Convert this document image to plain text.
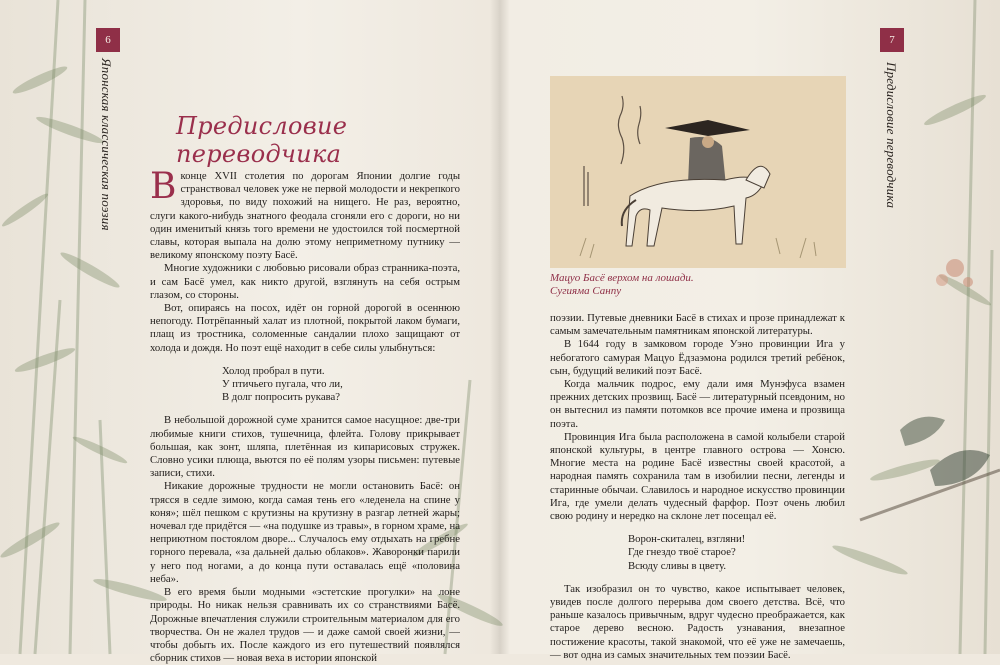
6
Японская классическая поэзия	Предисловие переводчика

Вконце XVII столетия по дорогам Японии долгие годы странствовал человек уже не первой молодости и некрепкого здоровья, по виду похожий на нищего. Не раз, вероятно, слуги какого-нибудь знатного феодала сгоняли его с дороги, но ни один именитый князь того времени не удостоился той посмертной славы, которая выпала на долю этому неприметному путнику — великому японскому поэту Басё.

Многие художники с любовью рисовали образ странника-поэта, и сам Басё умел, как никто другой, взглянуть на себя острым глазом, со стороны.

Вот, опираясь на посох, идёт он горной дорогой в осеннюю непогоду. Потрёпанный халат из плотной, покрытой лаком бумаги, плащ из тростника, соломенные сандалии плохо защищают от холода и дождя. Но поэт ещё находит в себе силы улыбнуться:

Холод пробрал в пути.
У птичьего пугала, что ли,
В долг попросить рукава?

В небольшой дорожной суме хранится самое насущное: две-три любимые книги стихов, тушечница, флейта. Голову прикрывает большая, как зонт, шляпа, плетённая из кипарисовых стружек. Словно усики плюща, вьются по её полям узоры письмен: путевые записи, стихи.

Никакие дорожные трудности не могли остановить Басё: он трясся в седле зимою, когда самая тень его «леденела на спине у коня»; шёл пешком с крутизны на крутизну в разгар летней жары; ночевал где придётся — «на подушке из травы», в горном храме, на неприютном постоялом дворе... Случалось ему отдыхать на гребне горного перевала, «за дальней далью облаков». Жаворонки парили у него под ногами, а до конца пути оставалась ещё «половина неба».

В его время были модными «эстетские прогулки» на лоне природы. Но никак нельзя сравнивать их со странствиями Басё. Дорожные впечатления служили строительным материалом для его творчества. Он не жалел трудов — и даже самой своей жизни, — чтобы добыть их. После каждого из его путешествий появлялся сборник стихов — новая веха в истории японской

7
Предисловие переводчика
Мацуо Басё верхом на лошади.
Сугияма Санпу

поэзии. Путевые дневники Басё в стихах и прозе принадлежат к самым замечательным памятникам японской литературы.

В 1644 году в замковом городе Уэно провинции Ига у небогатого самурая Мацуо Ёдзаэмона родился третий ребёнок, сын, будущий великий поэт Басё.

Когда мальчик подрос, ему дали имя Мунэфуса взамен прежних детских прозвищ. Басё — литературный псевдоним, но он вытеснил из памяти потомков все прочие имена и прозвища поэта.

Провинция Ига была расположена в самой колыбели старой японской культуры, в центре главного острова — Хонсю. Многие места на родине Басё известны своей красотой, а народная память сохранила там в изобилии песни, легенды и старинные обычаи. Славилось и народное искусство провинции Ига, где умели делать чудесный фарфор. Поэт очень любил свою родину и нередко на склоне лет посещал её.

Ворон-скиталец, взгляни!
Где гнездо твоё старое?
Всюду сливы в цвету.

Так изобразил он то чувство, какое испытывает человек, увидев после долгого перерыва дом своего детства. Всё, что раньше казалось привычным, вдруг чудесно преображается, как старое дерево весною. Радость узнавания, внезапное постижение красоты, такой знакомой, что её уже не замечаешь, — вот одна из самых значительных тем поэзии Басё.
